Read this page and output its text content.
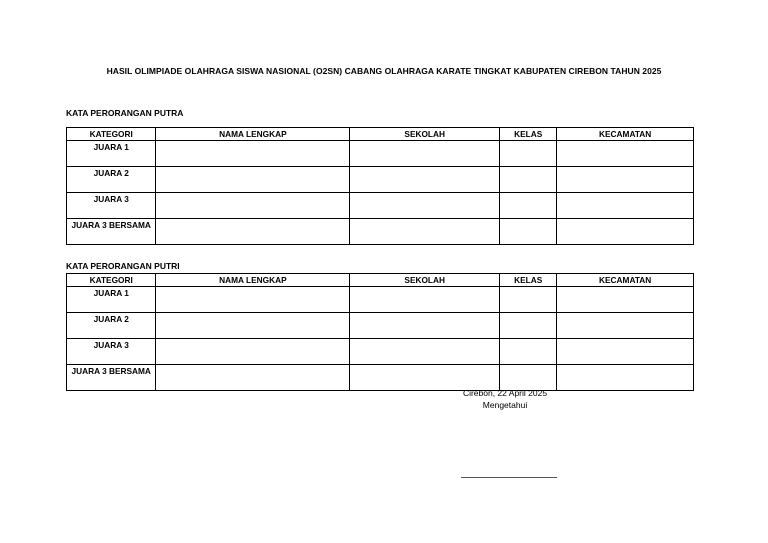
HASIL OLIMPIADE OLAHRAGA SISWA NASIONAL (O2SN) CABANG OLAHRAGA KARATE TINGKAT KABUPATEN CIREBON TAHUN 2025
KATA PERORANGAN PUTRA
KATEGORI	NAMA LENGKAP	SEKOLAH	KELAS	KECAMATAN
JUARA 1				
JUARA 2				
JUARA 3				
JUARA 3 BERSAMA				
KATA PERORANGAN PUTRI
KATEGORI	NAMA LENGKAP	SEKOLAH	KELAS	KECAMATAN
JUARA 1				
JUARA 2				
JUARA 3				
JUARA 3 BERSAMA				
Cirebon, 22 April 2025
Mengetahui
